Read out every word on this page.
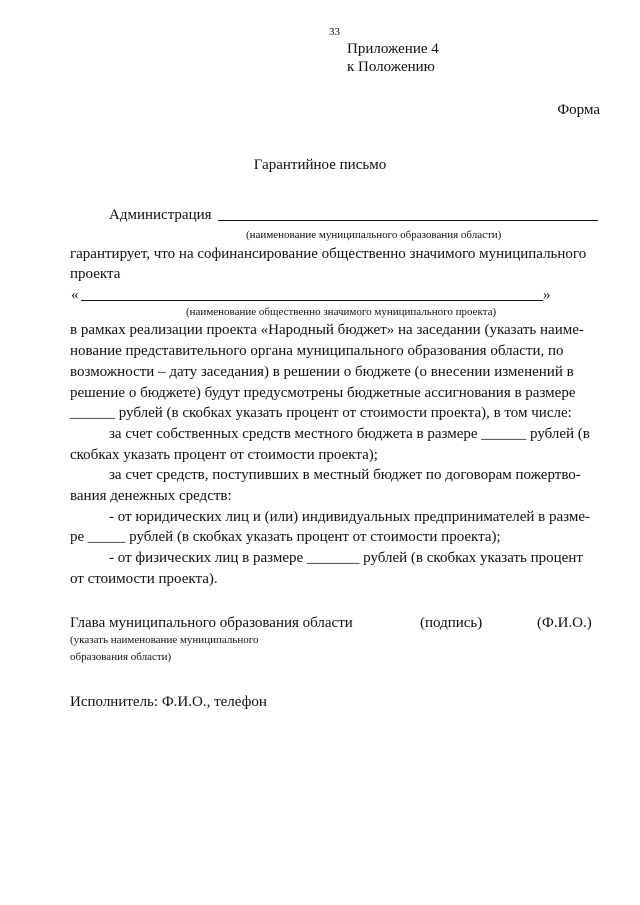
33
Приложение 4
к Положению
Форма
Гарантийное письмо
Администрация
(наименование муниципального образования области)
гарантирует, что на софинансирование общественно значимого муниципального
проекта
«	»
(наименование общественно значимого муниципального проекта)
в рамках реализации проекта «Народный бюджет» на заседании (указать наиме-
нование представительного органа муниципального образования области, по
возможности – дату заседания) в решении о бюджете (о внесении изменений в
решение о бюджете) будут предусмотрены бюджетные ассигнования в размере
______ рублей (в скобках указать процент от стоимости проекта), в том числе:
за счет собственных средств местного бюджета в размере ______ рублей (в
скобках указать процент от стоимости проекта);
за счет средств, поступивших в местный бюджет по договорам пожертво-
вания денежных средств:
- от юридических лиц и (или) индивидуальных предпринимателей в разме-
ре _____ рублей (в скобках указать процент от стоимости проекта);
- от физических лиц в размере _______ рублей (в скобках указать процент
от стоимости проекта).
Глава муниципального образования области	(подпись)	(Ф.И.О.)
(указать наименование муниципального
образования области)
Исполнитель: Ф.И.О., телефон
